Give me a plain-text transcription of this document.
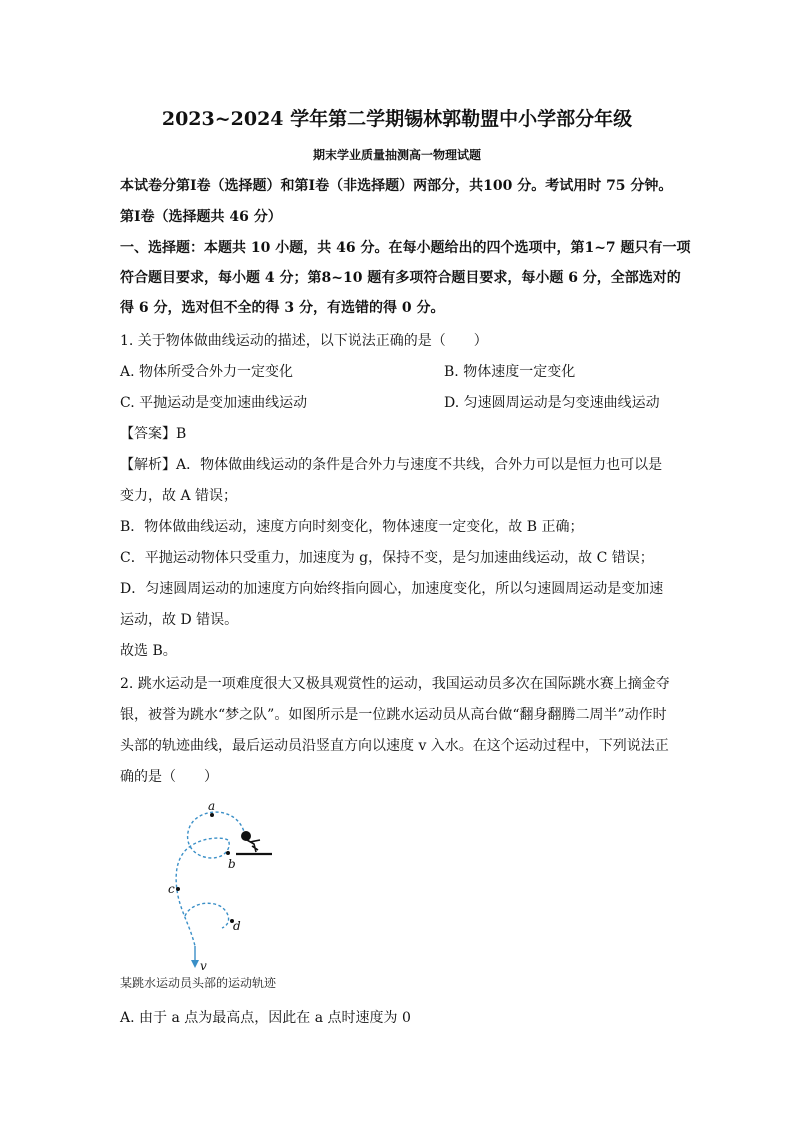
2023~2024 学年第二学期锡林郭勒盟中小学部分年级
期末学业质量抽测高一物理试题
本试卷分第Ⅰ卷（选择题）和第Ⅰ卷（非选择题）两部分，共100 分。考试用时 75 分钟。
第Ⅰ卷（选择题共 46 分）
一、选择题：本题共 10 小题，共 46 分。在每小题给出的四个选项中，第1~7 题只有一项
符合题目要求，每小题 4 分；第8~10 题有多项符合题目要求，每小题 6 分，全部选对的
得 6 分，选对但不全的得 3 分，有选错的得 0 分。
1. 关于物体做曲线运动的描述，以下说法正确的是（　　）
A. 物体所受合外力一定变化	B. 物体速度一定变化
C. 平抛运动是变加速曲线运动	D. 匀速圆周运动是匀变速曲线运动
【答案】B
【解析】A．物体做曲线运动的条件是合外力与速度不共线，合外力可以是恒力也可以是
变力，故 A 错误；
B．物体做曲线运动，速度方向时刻变化，物体速度一定变化，故 B 正确；
C．平抛运动物体只受重力，加速度为 g，保持不变，是匀加速曲线运动，故 C 错误；
D．匀速圆周运动的加速度方向始终指向圆心，加速度变化，所以匀速圆周运动是变加速
运动，故 D 错误。
故选 B。
2. 跳水运动是一项难度很大又极具观赏性的运动，我国运动员多次在国际跳水赛上摘金夺
银，被誉为跳水“梦之队”。如图所示是一位跳水运动员从高台做“翻身翻腾二周半”动作时
头部的轨迹曲线，最后运动员沿竖直方向以速度 v 入水。在这个运动过程中，下列说法正
确的是（　　）
a
b
c
d
v
某跳水运动员头部的运动轨迹
A. 由于 a 点为最高点，因此在 a 点时速度为 0
